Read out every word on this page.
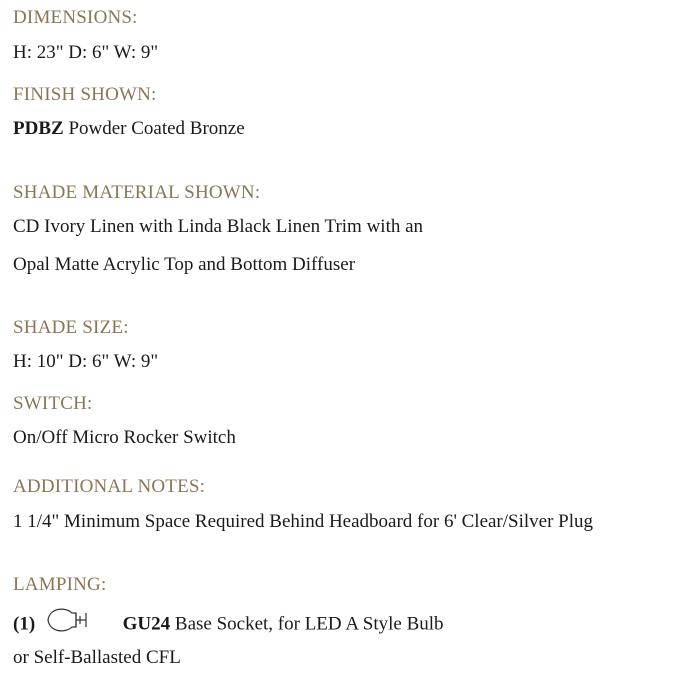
DIMENSIONS:
H: 23" D: 6" W: 9"
FINISH SHOWN:
PDBZ Powder Coated Bronze
SHADE MATERIAL SHOWN:
CD Ivory Linen with Linda Black Linen Trim with an
Opal Matte Acrylic Top and Bottom Diffuser
SHADE SIZE:
H: 10" D: 6" W: 9"
SWITCH:
On/Off Micro Rocker Switch
ADDITIONAL NOTES:
1 1/4" Minimum Space Required Behind Headboard for 6' Clear/Silver Plug
LAMPING:
(1)	GU24 Base Socket, for LED A Style Bulb
or Self-Ballasted CFL
